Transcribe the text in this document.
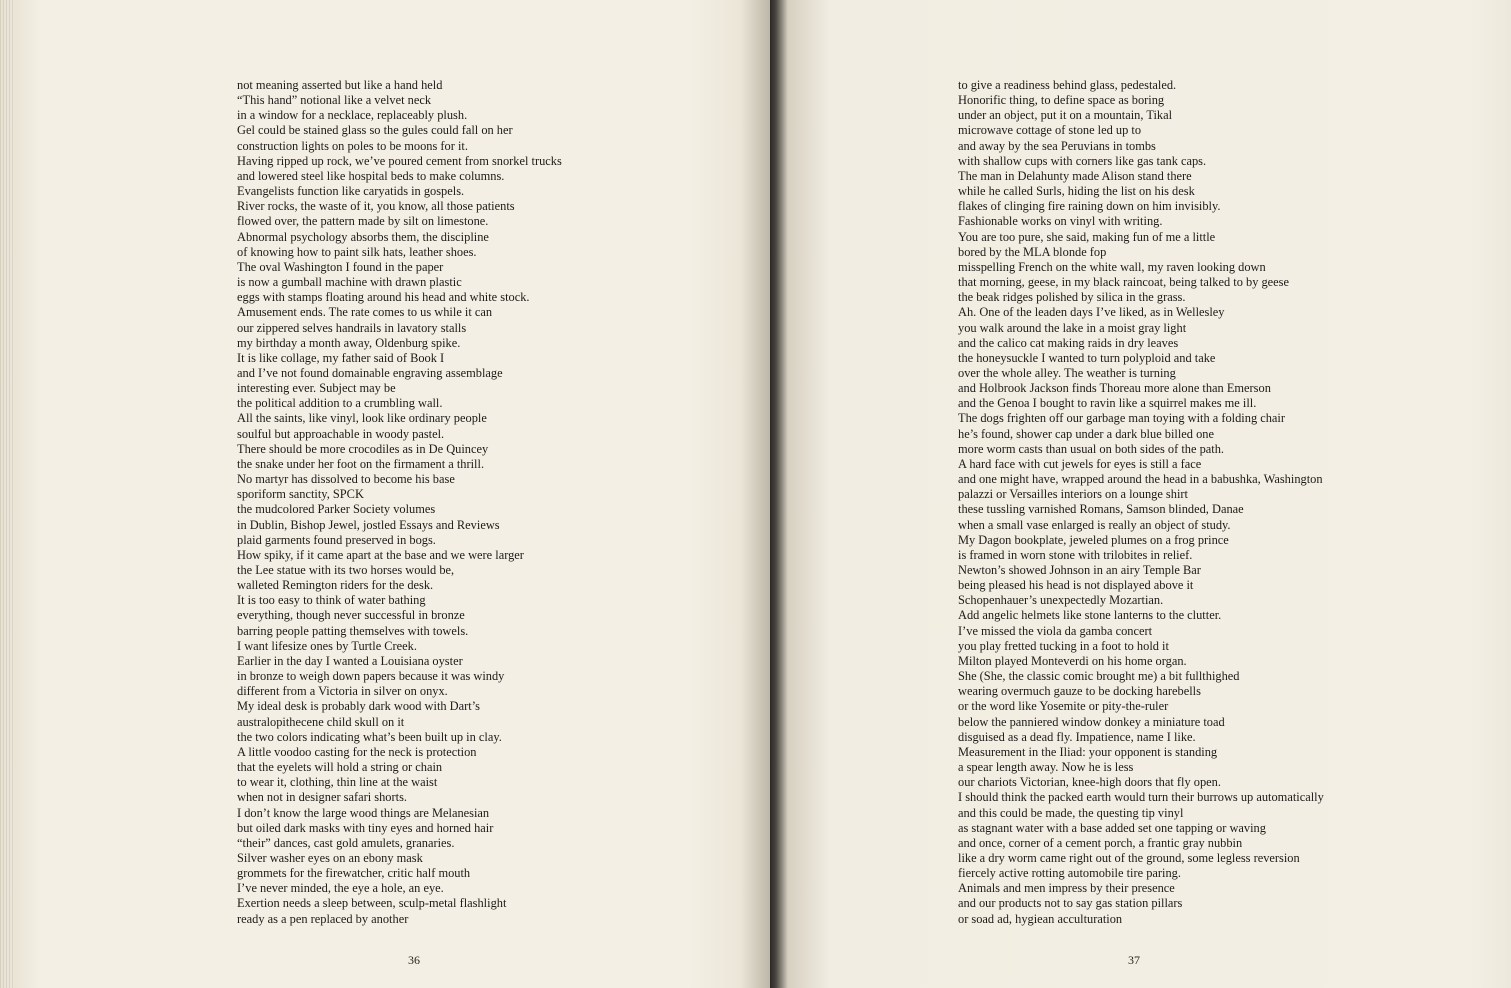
not meaning asserted but like a hand held
“This hand” notional like a velvet neck
in a window for a necklace, replaceably plush.
Gel could be stained glass so the gules could fall on her
construction lights on poles to be moons for it.
Having ripped up rock, we’ve poured cement from snorkel trucks
and lowered steel like hospital beds to make columns.
Evangelists function like caryatids in gospels.
River rocks, the waste of it, you know, all those patients
flowed over, the pattern made by silt on limestone.
Abnormal psychology absorbs them, the discipline
of knowing how to paint silk hats, leather shoes.
The oval Washington I found in the paper
is now a gumball machine with drawn plastic
eggs with stamps floating around his head and white stock.
Amusement ends. The rate comes to us while it can
our zippered selves handrails in lavatory stalls
my birthday a month away, Oldenburg spike.
It is like collage, my father said of Book I
and I’ve not found domainable engraving assemblage
interesting ever. Subject may be
the political addition to a crumbling wall.
All the saints, like vinyl, look like ordinary people
soulful but approachable in woody pastel.
There should be more crocodiles as in De Quincey
the snake under her foot on the firmament a thrill.
No martyr has dissolved to become his base
sporiform sanctity, SPCK
the mudcolored Parker Society volumes
in Dublin, Bishop Jewel, jostled Essays and Reviews
plaid garments found preserved in bogs.
How spiky, if it came apart at the base and we were larger
the Lee statue with its two horses would be,
walleted Remington riders for the desk.
It is too easy to think of water bathing
everything, though never successful in bronze
barring people patting themselves with towels.
I want lifesize ones by Turtle Creek.
Earlier in the day I wanted a Louisiana oyster
in bronze to weigh down papers because it was windy
different from a Victoria in silver on onyx.
My ideal desk is probably dark wood with Dart’s
australopithecene child skull on it
the two colors indicating what’s been built up in clay.
A little voodoo casting for the neck is protection
that the eyelets will hold a string or chain
to wear it, clothing, thin line at the waist
when not in designer safari shorts.
I don’t know the large wood things are Melanesian
but oiled dark masks with tiny eyes and horned hair
“their” dances, cast gold amulets, granaries.
Silver washer eyes on an ebony mask
grommets for the firewatcher, critic half mouth
I’ve never minded, the eye a hole, an eye.
Exertion needs a sleep between, sculp-metal flashlight
ready as a pen replaced by another
36
to give a readiness behind glass, pedestaled.
Honorific thing, to define space as boring
under an object, put it on a mountain, Tikal
microwave cottage of stone led up to
and away by the sea Peruvians in tombs
with shallow cups with corners like gas tank caps.
The man in Delahunty made Alison stand there
while he called Surls, hiding the list on his desk
flakes of clinging fire raining down on him invisibly.
Fashionable works on vinyl with writing.
You are too pure, she said, making fun of me a little
bored by the MLA blonde fop
misspelling French on the white wall, my raven looking down
that morning, geese, in my black raincoat, being talked to by geese
the beak ridges polished by silica in the grass.
Ah. One of the leaden days I’ve liked, as in Wellesley
you walk around the lake in a moist gray light
and the calico cat making raids in dry leaves
the honeysuckle I wanted to turn polyploid and take
over the whole alley. The weather is turning
and Holbrook Jackson finds Thoreau more alone than Emerson
and the Genoa I bought to ravin like a squirrel makes me ill.
The dogs frighten off our garbage man toying with a folding chair
he’s found, shower cap under a dark blue billed one
more worm casts than usual on both sides of the path.
A hard face with cut jewels for eyes is still a face
and one might have, wrapped around the head in a babushka, Washington
palazzi or Versailles interiors on a lounge shirt
these tussling varnished Romans, Samson blinded, Danae
when a small vase enlarged is really an object of study.
My Dagon bookplate, jeweled plumes on a frog prince
is framed in worn stone with trilobites in relief.
Newton’s showed Johnson in an airy Temple Bar
being pleased his head is not displayed above it
Schopenhauer’s unexpectedly Mozartian.
Add angelic helmets like stone lanterns to the clutter.
I’ve missed the viola da gamba concert
you play fretted tucking in a foot to hold it
Milton played Monteverdi on his home organ.
She (She, the classic comic brought me) a bit fullthighed
wearing overmuch gauze to be docking harebells
or the word like Yosemite or pity-the-ruler
below the panniered window donkey a miniature toad
disguised as a dead fly. Impatience, name I like.
Measurement in the Iliad: your opponent is standing
a spear length away. Now he is less
our chariots Victorian, knee-high doors that fly open.
I should think the packed earth would turn their burrows up automatically
and this could be made, the questing tip vinyl
as stagnant water with a base added set one tapping or waving
and once, corner of a cement porch, a frantic gray nubbin
like a dry worm came right out of the ground, some legless reversion
fiercely active rotting automobile tire paring.
Animals and men impress by their presence
and our products not to say gas station pillars
or soad ad, hygiean acculturation
37
